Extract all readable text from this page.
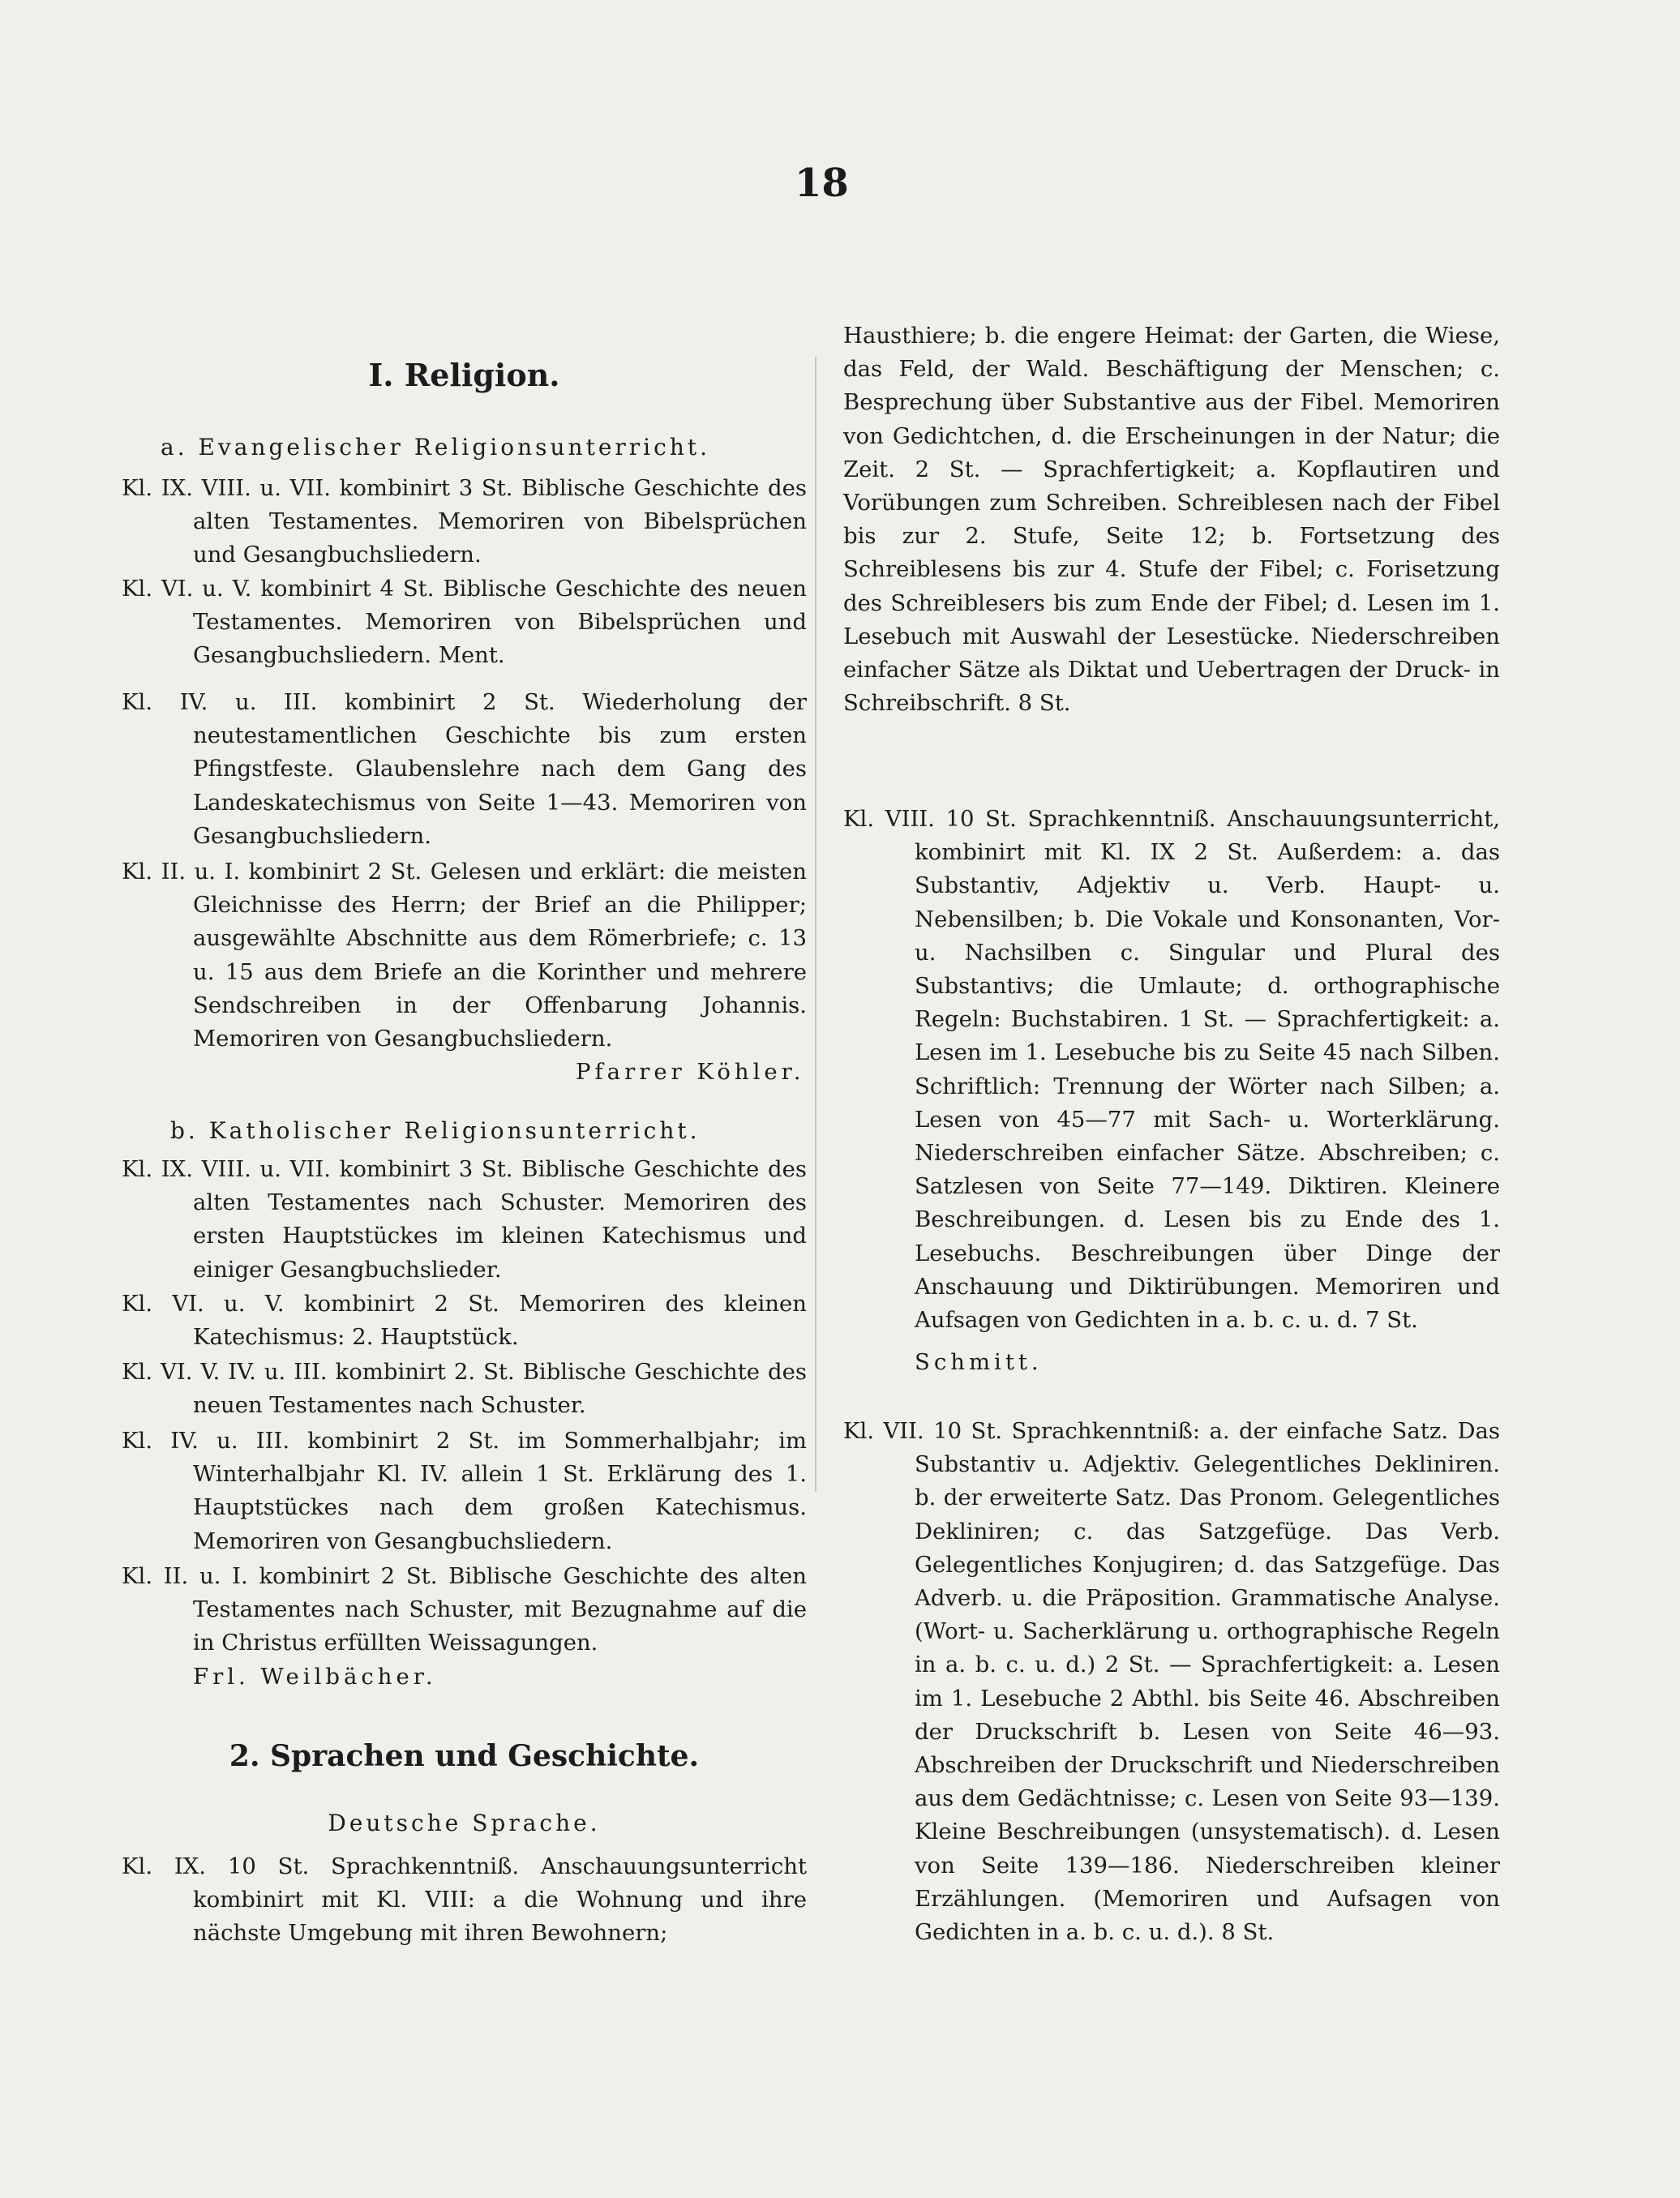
18
I. Religion.
a. Evangelischer Religionsunterricht.
Kl. IX. VIII. u. VII. kombinirt 3 St. Biblische Geschichte des alten Testamentes. Memoriren von Bibelsprüchen und Gesangbuchsliedern.
Kl. VI. u. V. kombinirt 4 St. Biblische Geschichte des neuen Testamentes. Memoriren von Bibelsprüchen und Gesangbuchsliedern. Ment.
Kl. IV. u. III. kombinirt 2 St. Wiederholung der neutestamentlichen Geschichte bis zum ersten Pfingstfeste. Glaubenslehre nach dem Gang des Landeskatechismus von Seite 1—43. Memoriren von Gesangbuchsliedern.
Kl. II. u. I. kombinirt 2 St. Gelesen und erklärt: die meisten Gleichnisse des Herrn; der Brief an die Philipper; ausgewählte Abschnitte aus dem Römerbriefe; c. 13 u. 15 aus dem Briefe an die Korinther und mehrere Sendschreiben in der Offenbarung Johannis. Memoriren von Gesangbuchsliedern.
Pfarrer Köhler.
b. Katholischer Religionsunterricht.
Kl. IX. VIII. u. VII. kombinirt 3 St. Biblische Geschichte des alten Testamentes nach Schuster. Memoriren des ersten Hauptstückes im kleinen Katechismus und einiger Gesangbuchslieder.
Kl. VI. u. V. kombinirt 2 St. Memoriren des kleinen Katechismus: 2. Hauptstück.
Kl. VI. V. IV. u. III. kombinirt 2. St. Biblische Geschichte des neuen Testamentes nach Schuster.
Kl. IV. u. III. kombinirt 2 St. im Sommerhalbjahr; im Winterhalbjahr Kl. IV. allein 1 St. Erklärung des 1. Hauptstückes nach dem großen Katechismus. Memoriren von Gesangbuchsliedern.
Kl. II. u. I. kombinirt 2 St. Biblische Geschichte des alten Testamentes nach Schuster, mit Bezugnahme auf die in Christus erfüllten Weissagungen.
Frl. Weilbächer.
2. Sprachen und Geschichte.
Deutsche Sprache.
Kl. IX. 10 St. Sprachkenntniß. Anschauungsunterricht kombinirt mit Kl. VIII: a die Wohnung und ihre nächste Umgebung mit ihren Bewohnern;
Hausthiere; b. die engere Heimat: der Garten, die Wiese, das Feld, der Wald. Beschäftigung der Menschen; c. Besprechung über Substantive aus der Fibel. Memoriren von Gedichtchen, d. die Erscheinungen in der Natur; die Zeit. 2 St. — Sprachfertigkeit; a. Kopflautiren und Vorübungen zum Schreiben. Schreiblesen nach der Fibel bis zur 2. Stufe, Seite 12; b. Fortsetzung des Schreiblesens bis zur 4. Stufe der Fibel; c. Forisetzung des Schreiblesers bis zum Ende der Fibel; d. Lesen im 1. Lesebuch mit Auswahl der Lesestücke. Niederschreiben einfacher Sätze als Diktat und Uebertragen der Druck- in Schreibschrift. 8 St.
Kl. VIII. 10 St. Sprachkenntniß. Anschauungsunterricht, kombinirt mit Kl. IX 2 St. Außerdem: a. das Substantiv, Adjektiv u. Verb. Haupt- u. Nebensilben; b. Die Vokale und Konsonanten, Vor- u. Nachsilben c. Singular und Plural des Substantivs; die Umlaute; d. orthographische Regeln: Buchstabiren. 1 St. — Sprachfertigkeit: a. Lesen im 1. Lesebuche bis zu Seite 45 nach Silben. Schriftlich: Trennung der Wörter nach Silben; a. Lesen von 45—77 mit Sach- u. Worterklärung. Niederschreiben einfacher Sätze. Abschreiben; c. Satzlesen von Seite 77—149. Diktiren. Kleinere Beschreibungen. d. Lesen bis zu Ende des 1. Lesebuchs. Beschreibungen über Dinge der Anschauung und Diktirübungen. Memoriren und Aufsagen von Gedichten in a. b. c. u. d. 7 St.
Schmitt.
Kl. VII. 10 St. Sprachkenntniß: a. der einfache Satz. Das Substantiv u. Adjektiv. Gelegentliches Dekliniren. b. der erweiterte Satz. Das Pronom. Gelegentliches Dekliniren; c. das Satzgefüge. Das Verb. Gelegentliches Konjugiren; d. das Satzgefüge. Das Adverb. u. die Präposition. Grammatische Analyse. (Wort- u. Sacherklärung u. orthographische Regeln in a. b. c. u. d.) 2 St. — Sprachfertigkeit: a. Lesen im 1. Lesebuche 2 Abthl. bis Seite 46. Abschreiben der Druckschrift b. Lesen von Seite 46—93. Abschreiben der Druckschrift und Niederschreiben aus dem Gedächtnisse; c. Lesen von Seite 93—139. Kleine Beschreibungen (unsystematisch). d. Lesen von Seite 139—186. Niederschreiben kleiner Erzählungen. (Memoriren und Aufsagen von Gedichten in a. b. c. u. d.). 8 St.
